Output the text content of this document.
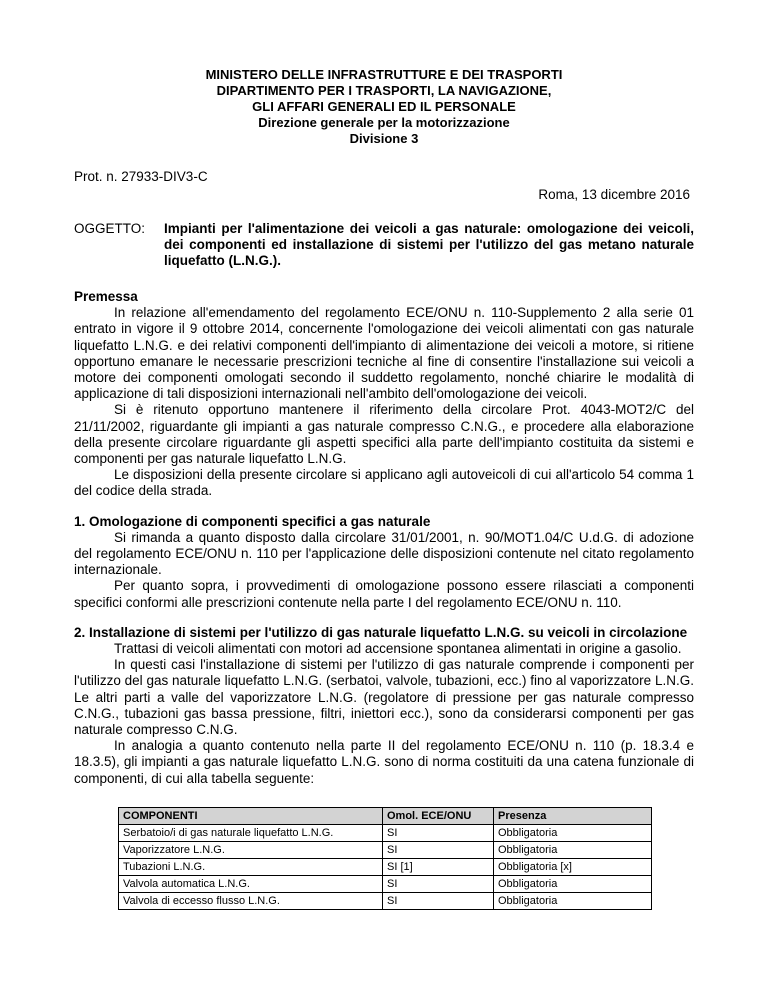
MINISTERO DELLE INFRASTRUTTURE E DEI TRASPORTI
DIPARTIMENTO PER I TRASPORTI, LA NAVIGAZIONE,
GLI AFFARI GENERALI ED IL PERSONALE
Direzione generale per la motorizzazione
Divisione 3
Prot. n. 27933-DIV3-C
Roma, 13 dicembre 2016
OGGETTO: Impianti per l'alimentazione dei veicoli a gas naturale: omologazione dei veicoli, dei componenti ed installazione di sistemi per l'utilizzo del gas metano naturale liquefatto (L.N.G.).
Premessa

In relazione all'emendamento del regolamento ECE/ONU n. 110-Supplemento 2 alla serie 01 entrato in vigore il 9 ottobre 2014, concernente l'omologazione dei veicoli alimentati con gas naturale liquefatto L.N.G. e dei relativi componenti dell'impianto di alimentazione dei veicoli a motore, si ritiene opportuno emanare le necessarie prescrizioni tecniche al fine di consentire l'installazione sui veicoli a motore dei componenti omologati secondo il suddetto regolamento, nonché chiarire le modalità di applicazione di tali disposizioni internazionali nell'ambito dell'omologazione dei veicoli.

Si è ritenuto opportuno mantenere il riferimento della circolare Prot. 4043-MOT2/C del 21/11/2002, riguardante gli impianti a gas naturale compresso C.N.G., e procedere alla elaborazione della presente circolare riguardante gli aspetti specifici alla parte dell'impianto costituita da sistemi e componenti per gas naturale liquefatto L.N.G.

Le disposizioni della presente circolare si applicano agli autoveicoli di cui all'articolo 54 comma 1 del codice della strada.

1. Omologazione di componenti specifici a gas naturale

Si rimanda a quanto disposto dalla circolare 31/01/2001, n. 90/MOT1.04/C U.d.G. di adozione del regolamento ECE/ONU n. 110 per l'applicazione delle disposizioni contenute nel citato regolamento internazionale.

Per quanto sopra, i provvedimenti di omologazione possono essere rilasciati a componenti specifici conformi alle prescrizioni contenute nella parte I del regolamento ECE/ONU n. 110.

2. Installazione di sistemi per l'utilizzo di gas naturale liquefatto L.N.G. su veicoli in circolazione

Trattasi di veicoli alimentati con motori ad accensione spontanea alimentati in origine a gasolio.

In questi casi l'installazione di sistemi per l'utilizzo di gas naturale comprende i componenti per l'utilizzo del gas naturale liquefatto L.N.G. (serbatoi, valvole, tubazioni, ecc.) fino al vaporizzatore L.N.G. Le altri parti a valle del vaporizzatore L.N.G. (regolatore di pressione per gas naturale compresso C.N.G., tubazioni gas bassa pressione, filtri, iniettori ecc.), sono da considerarsi componenti per gas naturale compresso C.N.G.

In analogia a quanto contenuto nella parte II del regolamento ECE/ONU n. 110 (p. 18.3.4 e 18.3.5), gli impianti a gas naturale liquefatto L.N.G. sono di norma costituiti da una catena funzionale di componenti, di cui alla tabella seguente:

COMPONENTI	Omol. ECE/ONU	Presenza
Serbatoio/i di gas naturale liquefatto L.N.G.	SI	Obbligatoria
Vaporizzatore L.N.G.	SI	Obbligatoria
Tubazioni L.N.G.	SI [1]	Obbligatoria [x]
Valvola automatica L.N.G.	SI	Obbligatoria
Valvola di eccesso flusso L.N.G.	SI	Obbligatoria
